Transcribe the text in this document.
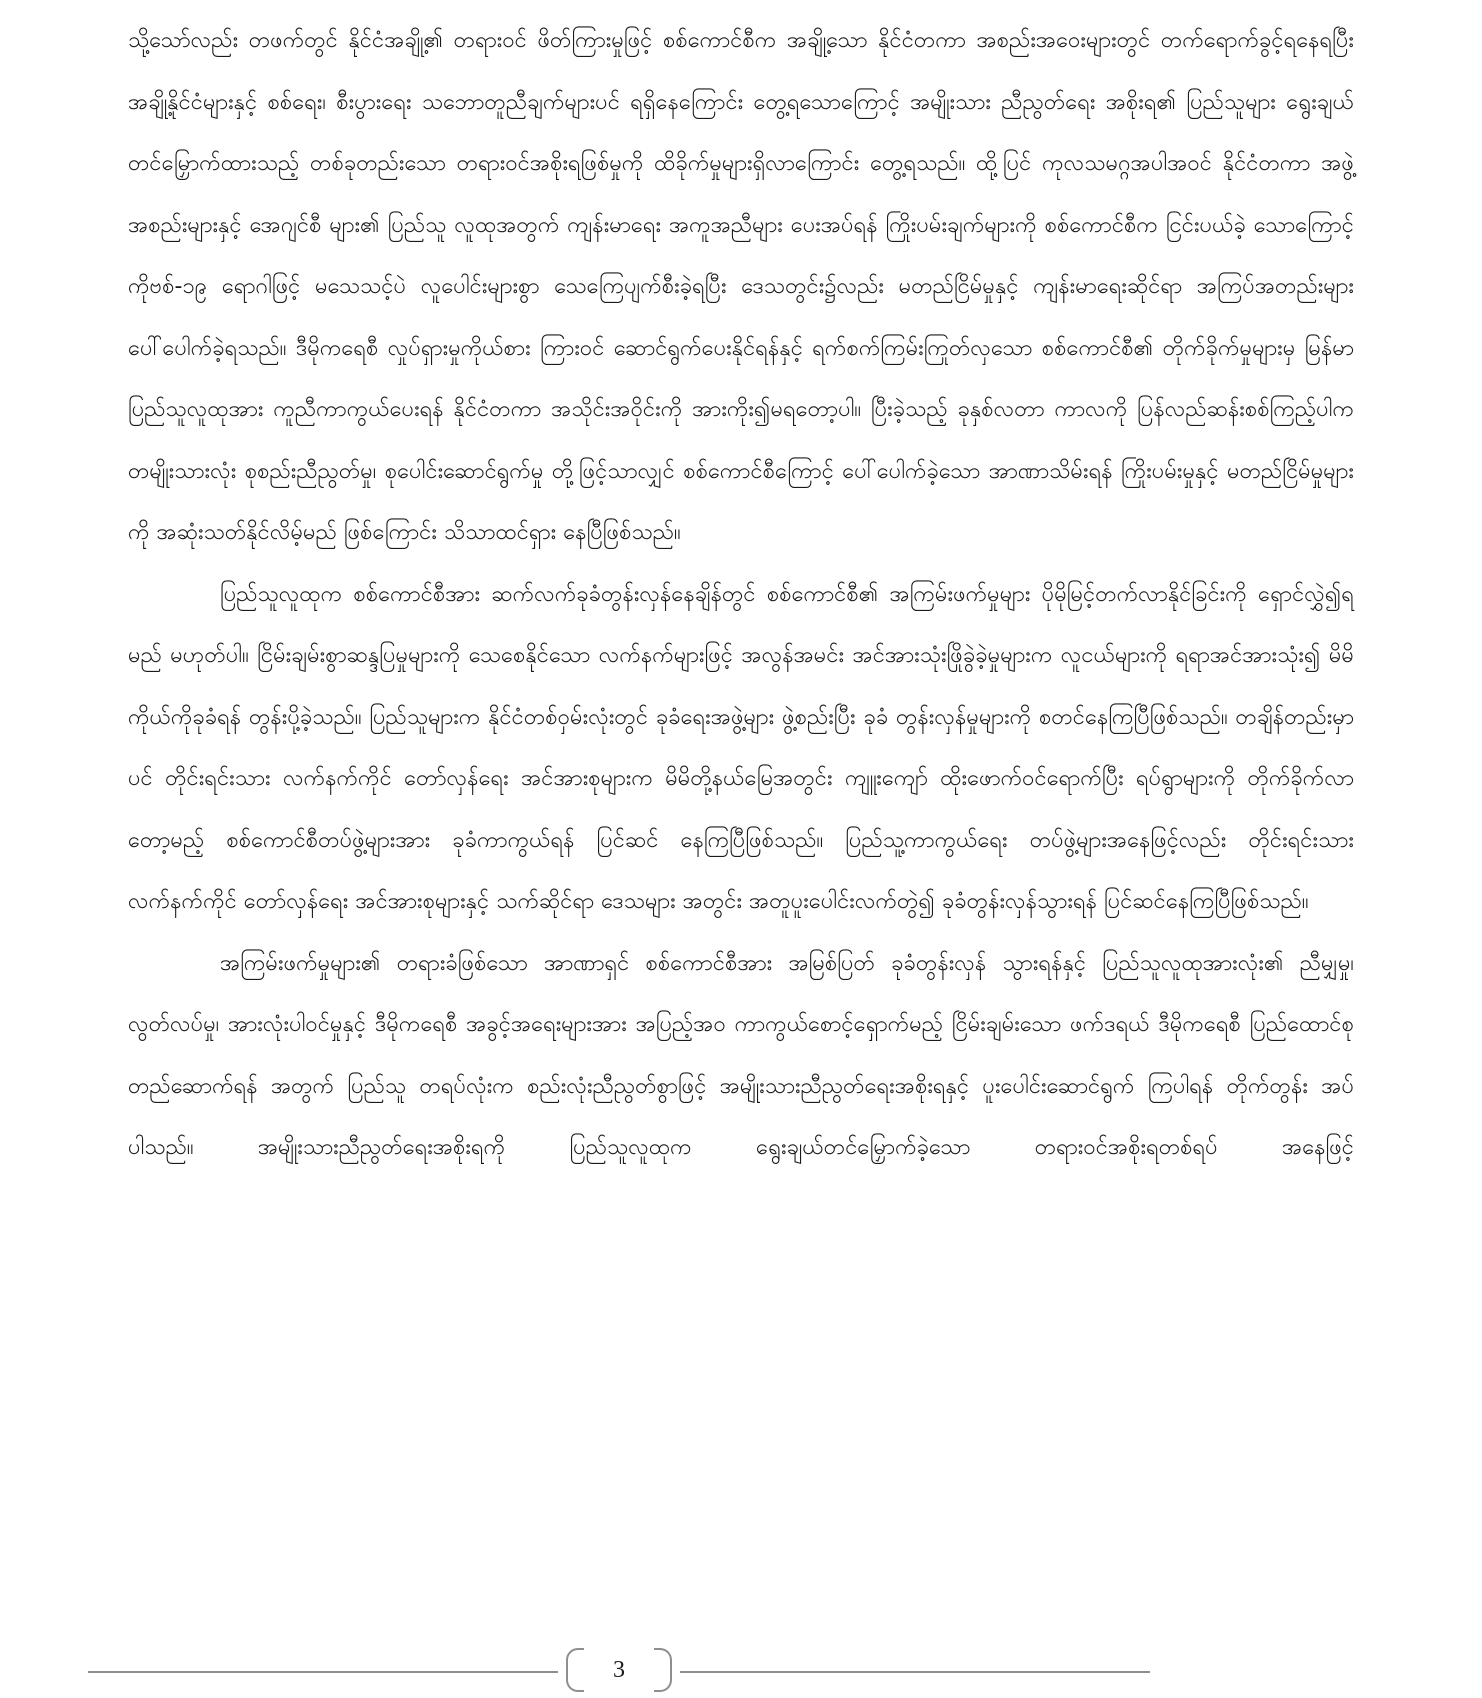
သို့သော်လည်း တဖက်တွင် နိုင်ငံအချို့၏ တရားဝင် ဖိတ်ကြားမှုဖြင့် စစ်ကောင်စီက အချို့သော နိုင်ငံတကာ အစည်းအဝေးများတွင် တက်ရောက်ခွင့်ရနေရပြီး အချို့နိုင်ငံများနှင့် စစ်ရေး၊ စီးပွားရေး သဘောတူညီချက်များပင် ရရှိနေကြောင်း တွေ့ရသောကြောင့် အမျိုးသား ညီညွတ်ရေး အစိုးရ၏ ပြည်သူများ ရွေးချယ်တင်မြှောက်ထားသည့် တစ်ခုတည်းသော တရားဝင်အစိုးရဖြစ်မှုကို ထိခိုက်မှုများရှိလာကြောင်း တွေ့ရသည်။ ထို့ပြင် ကုလသမဂ္ဂအပါအဝင် နိုင်ငံတကာ အဖွဲ့အစည်းများနှင့် အေဂျင်စီ များ၏ ပြည်သူ လူထုအတွက် ကျန်းမာရေး အကူအညီများ ပေးအပ်ရန် ကြိုးပမ်းချက်များကို စစ်ကောင်စီက ငြင်းပယ်ခဲ့ သောကြောင့် ကိုဗစ်-၁၉ ရောဂါဖြင့် မသေသင့်ပဲ လူပေါင်းများစွာ သေကြေပျက်စီးခဲ့ရပြီး ဒေသတွင်း၌လည်း မတည်ငြိမ်မှုနှင့် ကျန်းမာရေးဆိုင်ရာ အကြပ်အတည်းများ ပေါ်ပေါက်ခဲ့ရသည်။ ဒီမိုကရေစီ လှုပ်ရှားမှုကိုယ်စား ကြားဝင် ဆောင်ရွက်ပေးနိုင်ရန်နှင့် ရက်စက်ကြမ်းကြုတ်လှသော စစ်ကောင်စီ၏ တိုက်ခိုက်မှုများမှ မြန်မာပြည်သူလူထုအား ကူညီကာကွယ်ပေးရန် နိုင်ငံတကာ အသိုင်းအဝိုင်းကို အားကိုး၍မရတော့ပါ။ ပြီးခဲ့သည့် ခုနှစ်လတာ ကာလကို ပြန်လည်ဆန်းစစ်ကြည့်ပါက တမျိုးသားလုံး စုစည်းညီညွတ်မှု၊ စုပေါင်းဆောင်ရွက်မှု တို့ဖြင့်သာလျှင် စစ်ကောင်စီကြောင့် ပေါ်ပေါက်ခဲ့သော အာဏာသိမ်းရန် ကြိုးပမ်းမှုနှင့် မတည်ငြိမ်မှုများကို အဆုံးသတ်နိုင်လိမ့်မည် ဖြစ်ကြောင်း သိသာထင်ရှား နေပြီဖြစ်သည်။

ပြည်သူလူထုက စစ်ကောင်စီအား ဆက်လက်ခုခံတွန်းလှန်နေချိန်တွင် စစ်ကောင်စီ၏ အကြမ်းဖက်မှုများ ပိုမိုမြင့်တက်လာနိုင်ခြင်းကို ရှောင်လွှဲ၍ရမည် မဟုတ်ပါ။ ငြိမ်းချမ်းစွာဆန္ဒပြမှုများကို သေစေနိုင်သော လက်နက်များဖြင့် အလွန်အမင်း အင်အားသုံးဖြိုခွဲခဲ့မှုများက လူငယ်များကို ရရာအင်အားသုံး၍ မိမိကိုယ်ကိုခုခံရန် တွန်းပို့ခဲ့သည်။ ပြည်သူများက နိုင်ငံတစ်ဝှမ်းလုံးတွင် ခုခံရေးအဖွဲ့များ ဖွဲ့စည်းပြီး ခုခံ တွန်းလှန်မှုများကို စတင်နေကြပြီဖြစ်သည်။ တချိန်တည်းမှာပင် တိုင်းရင်းသား လက်နက်ကိုင် တော်လှန်ရေး အင်အားစုများက မိမိတို့နယ်မြေအတွင်း ကျူးကျော် ထိုးဖောက်ဝင်ရောက်ပြီး ရပ်ရွာများကို တိုက်ခိုက်လာ တော့မည့် စစ်ကောင်စီတပ်ဖွဲ့များအား ခုခံကာကွယ်ရန် ပြင်ဆင် နေကြပြီဖြစ်သည်။ ပြည်သူ့ကာကွယ်ရေး တပ်ဖွဲ့များအနေဖြင့်လည်း တိုင်းရင်းသားလက်နက်ကိုင် တော်လှန်ရေး အင်အားစုများနှင့် သက်ဆိုင်ရာ ဒေသများ အတွင်း အတူပူးပေါင်းလက်တွဲ၍ ခုခံတွန်းလှန်သွားရန် ပြင်ဆင်နေကြပြီဖြစ်သည်။

အကြမ်းဖက်မှုများ၏ တရားခံဖြစ်သော အာဏာရှင် စစ်ကောင်စီအား အမြစ်ပြတ် ခုခံတွန်းလှန် သွားရန်နှင့် ပြည်သူလူထုအားလုံး၏ ညီမျှမှု၊ လွတ်လပ်မှု၊ အားလုံးပါဝင်မှုနှင့် ဒီမိုကရေစီ အခွင့်အရေးများအား အပြည့်အဝ ကာကွယ်စောင့်ရှောက်မည့် ငြိမ်းချမ်းသော ဖက်ဒရယ် ဒီမိုကရေစီ ပြည်ထောင်စု တည်ဆောက်ရန် အတွက် ပြည်သူ တရပ်လုံးက စည်းလုံးညီညွတ်စွာဖြင့် အမျိုးသားညီညွတ်ရေးအစိုးရနှင့် ပူးပေါင်းဆောင်ရွက် ကြပါရန် တိုက်တွန်း အပ်ပါသည်။ အမျိုးသားညီညွတ်ရေးအစိုးရကို ပြည်သူလူထုက ရွေးချယ်တင်မြှောက်ခဲ့သော တရားဝင်အစိုးရတစ်ရပ် အနေဖြင့်

3
